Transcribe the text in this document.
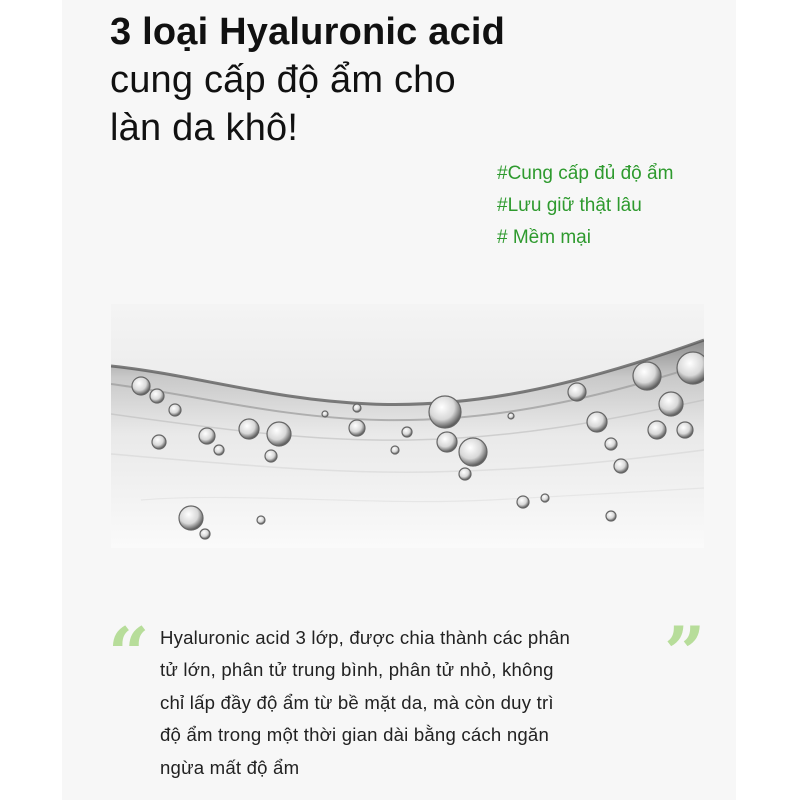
3 loại Hyaluronic acid
cung cấp độ ẩm cho
làn da khô!
#Cung cấp đủ độ ẩm
#Lưu giữ thật lâu
# Mềm mại
“	”
Hyaluronic acid 3 lớp, được chia thành các phân
tử lớn, phân tử trung bình, phân tử nhỏ, không
chỉ lấp đầy độ ẩm từ bề mặt da, mà còn duy trì
độ ẩm trong một thời gian dài bằng cách ngăn
ngừa mất độ ẩm
